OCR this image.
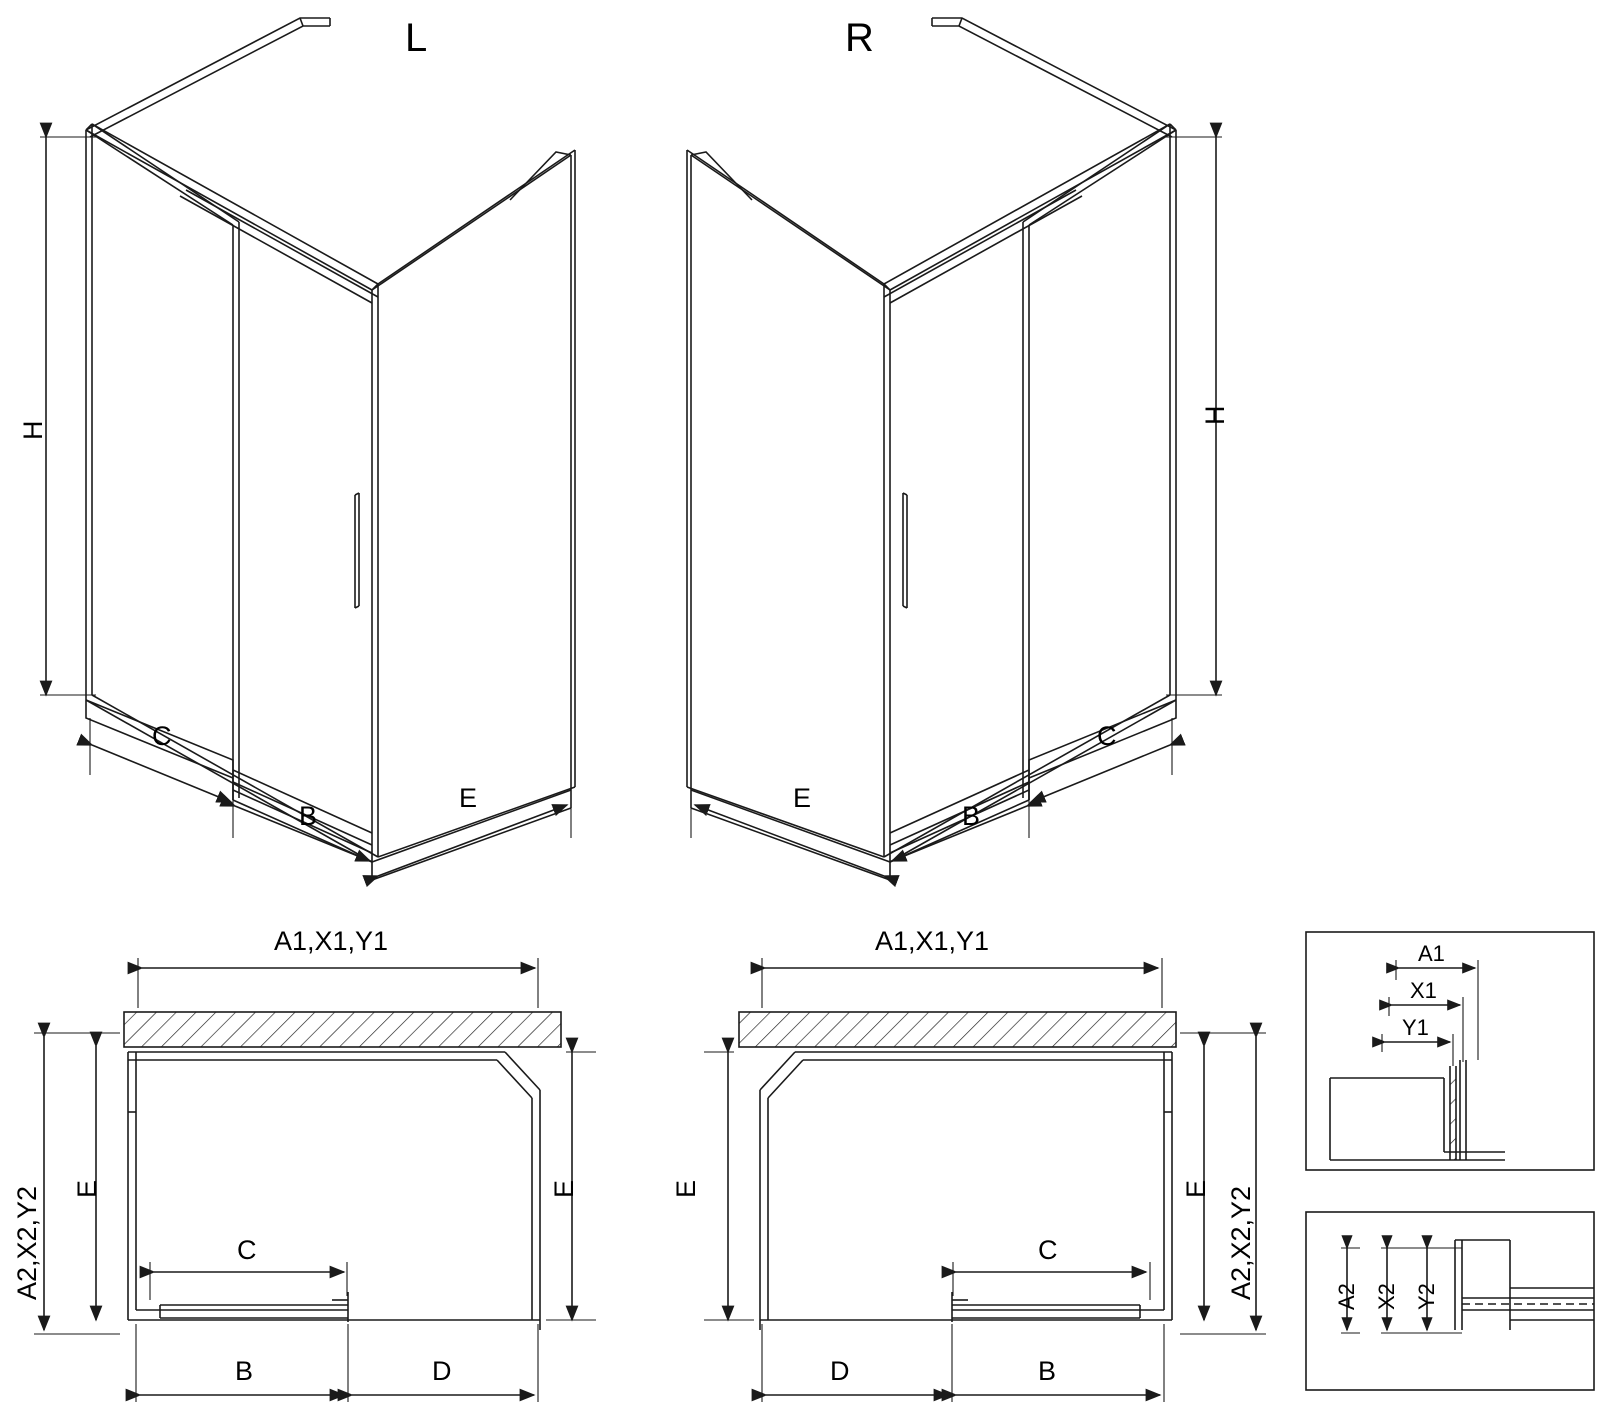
L	R
H
C
B
E
H
C
B
E
A1,X1,Y1
A2,X2,Y2 E	E
C
B	D
A1,X1,Y1
A2,X2,Y2
E	E
C
B
D
A1
X1
Y1
A2 X2 Y2
